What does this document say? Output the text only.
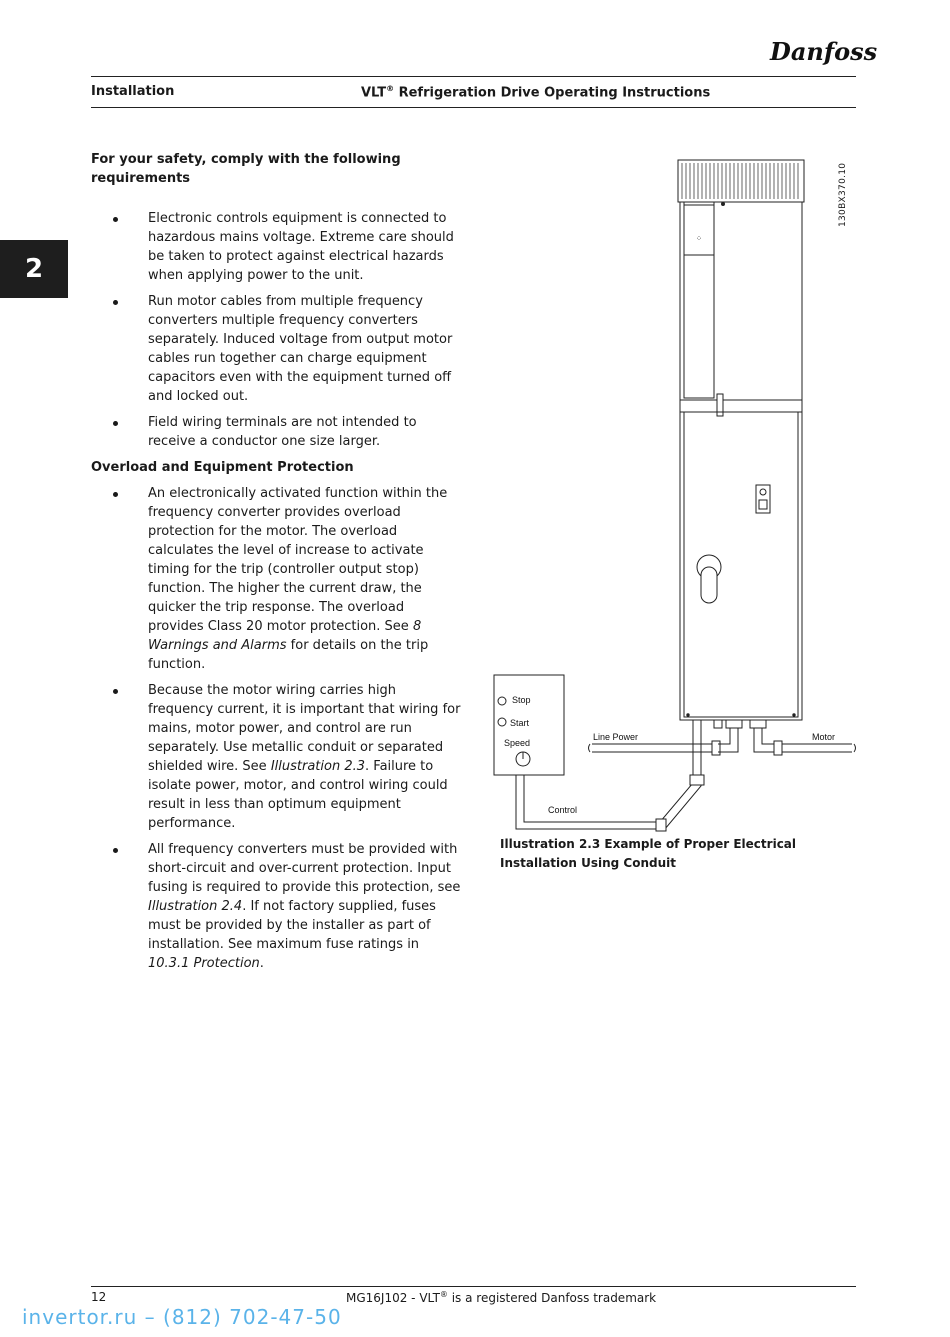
Danfoss
Installation	VLT® Refrigeration Drive Operating Instructions
2
For your safety, comply with the following requirements
Electronic controls equipment is connected to hazardous mains voltage. Extreme care should be taken to protect against electrical hazards when applying power to the unit.
Run motor cables from multiple frequency converters multiple frequency converters separately. Induced voltage from output motor cables run together can charge equipment capacitors even with the equipment turned off and locked out.
Field wiring terminals are not intended to receive a conductor one size larger.
Overload and Equipment Protection
An electronically activated function within the frequency converter provides overload protection for the motor. The overload calculates the level of increase to activate timing for the trip (controller output stop) function. The higher the current draw, the quicker the trip response. The overload provides Class 20 motor protection. See 8 Warnings and Alarms for details on the trip function.
Because the motor wiring carries high frequency current, it is important that wiring for mains, motor power, and control are run separately. Use metallic conduit or separated shielded wire. See Illustration 2.3. Failure to isolate power, motor, and control wiring could result in less than optimum equipment performance.
All frequency converters must be provided with short-circuit and over-current protection. Input fusing is required to provide this protection, see Illustration 2.4. If not factory supplied, fuses must be provided by the installer as part of installation. See maximum fuse ratings in 10.3.1 Protection.
130BX370.10
⁘
Stop
Start
Speed
Line Power	Motor
Control
Illustration 2.3 Example of Proper Electrical Installation Using Conduit
12	MG16J102 - VLT® is a registered Danfoss trademark
invertor.ru – (812) 702-47-50
